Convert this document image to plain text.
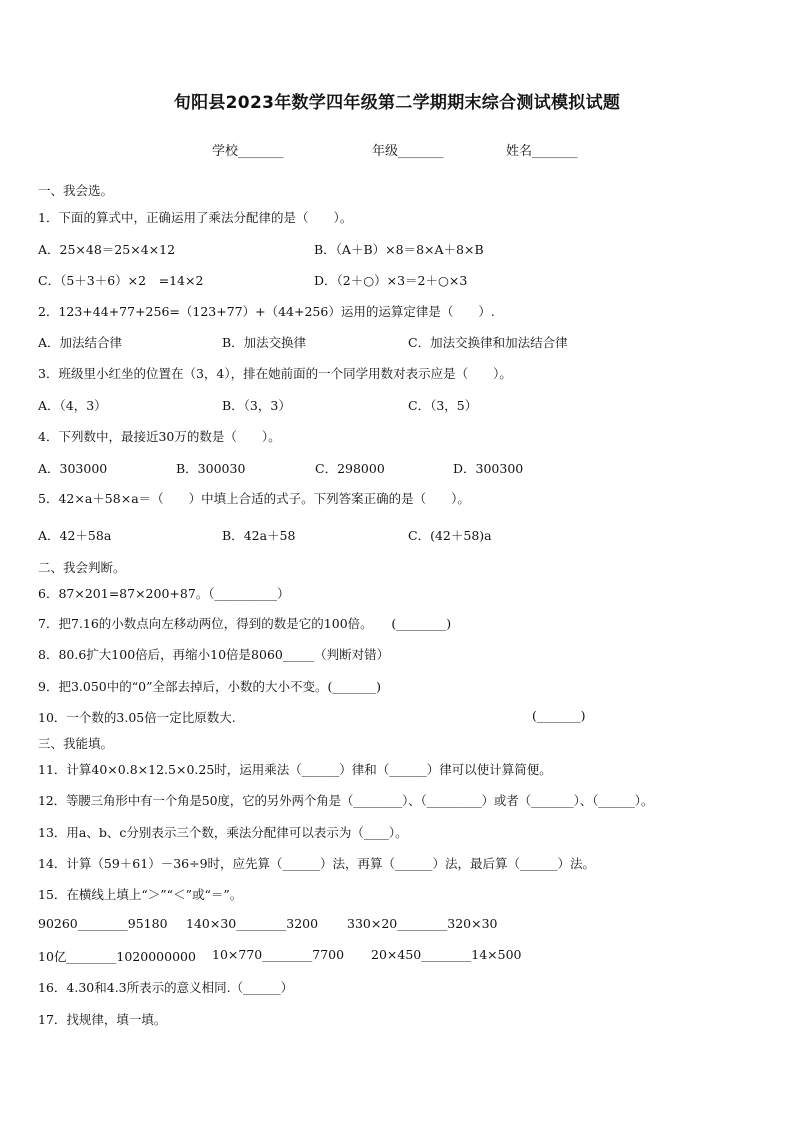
旬阳县2023年数学四年级第二学期期末综合测试模拟试题
学校_______	年级_______	姓名_______
一、我会选。
1．下面的算式中，正确运用了乘法分配律的是（　　）。
A．25×48＝25×4×12	B．（A＋B）×8＝8×A＋8×B
C．（5＋3＋6）×2　=14×2	D．（2＋○）×3＝2＋○×3
2．123+44+77+256=（123+77）+（44+256）运用的运算定律是（　　）.
A．加法结合律	B．加法交换律	C．加法交换律和加法结合律
3．班级里小红坐的位置在（3，4），排在她前面的一个同学用数对表示应是（　　）。
A．（4，3）	B．（3，3）	C．（3，5）
4．下列数中，最接近30万的数是（　　）。
A．303000	B．300030	C．298000	D．300300
5．42×a＋58×a＝（　　）中填上合适的式子。下列答案正确的是（　　）。
A．42＋58a	B．42a＋58	C．(42＋58)a
二、我会判断。
6．87×201=87×200+87。（__________）
7．把7.16的小数点向左移动两位，得到的数是它的100倍。　　(________)
8．80.6扩大100倍后，再缩小10倍是8060_____（判断对错）
9．把3.050中的“0”全部去掉后，小数的大小不变。(_______)
10．一个数的3.05倍一定比原数大.	(_______)
三、我能填。
11．计算40×0.8×12.5×0.25时，运用乘法（______）律和（______）律可以使计算简便。
12．等腰三角形中有一个角是50度，它的另外两个角是（________）、（_________）或者（_______）、（______）。
13．用a、b、c分别表示三个数，乘法分配律可以表示为（____）。
14．计算（59＋61）－36÷9时，应先算（______）法，再算（______）法，最后算（______）法。
15．在横线上填上“＞”“＜”或“＝”。
90260________95180 140×30________3200 330×20________320×30
10亿________1020000000 10×770________7700 20×450________14×500
16．4.30和4.3所表示的意义相同.（______）
17．找规律，填一填。
